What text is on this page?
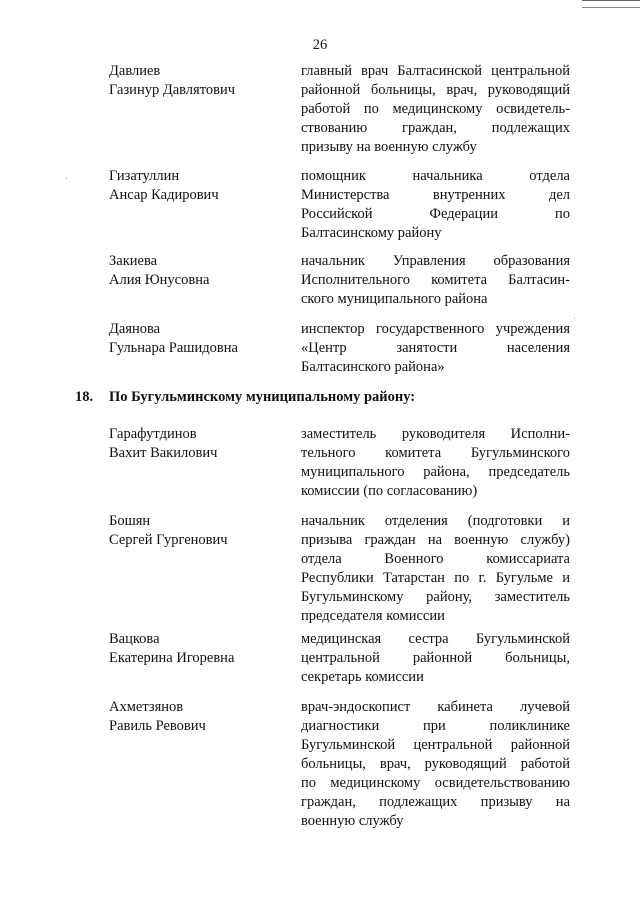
26
Давлиев
Газинур Давлятович
главный врач Балтасинской центральной
районной больницы, врач, руководящий
работой по медицинскому освидетель-
ствованию граждан, подлежащих
призыву на военную службу
Гизатуллин
Ансар Кадирович
помощник начальника отдела
Министерства внутренних дел
Российской Федерации по
Балтасинскому району
Закиева
Алия Юнусовна
начальник Управления образования
Исполнительного комитета Балтасин-
ского муниципального района
Даянова
Гульнара Рашидовна
инспектор государственного учреждения
«Центр занятости населения
Балтасинского района»
18. По Бугульминскому муниципальному району:
Гарафутдинов
Вахит Вакилович
заместитель руководителя Исполни-
тельного комитета Бугульминского
муниципального района, председатель
комиссии (по согласованию)
Бошян
Сергей Гургенович
начальник отделения (подготовки и
призыва граждан на военную службу)
отдела Военного комиссариата
Республики Татарстан по г. Бугульме и
Бугульминскому району, заместитель
председателя комиссии
Вацкова
Екатерина Игоревна
медицинская сестра Бугульминской
центральной районной больницы,
секретарь комиссии
Ахметзянов
Равиль Ревович
врач-эндоскопист кабинета лучевой
диагностики при поликлинике
Бугульминской центральной районной
больницы, врач, руководящий работой
по медицинскому освидетельствованию
граждан, подлежащих призыву на
военную службу
